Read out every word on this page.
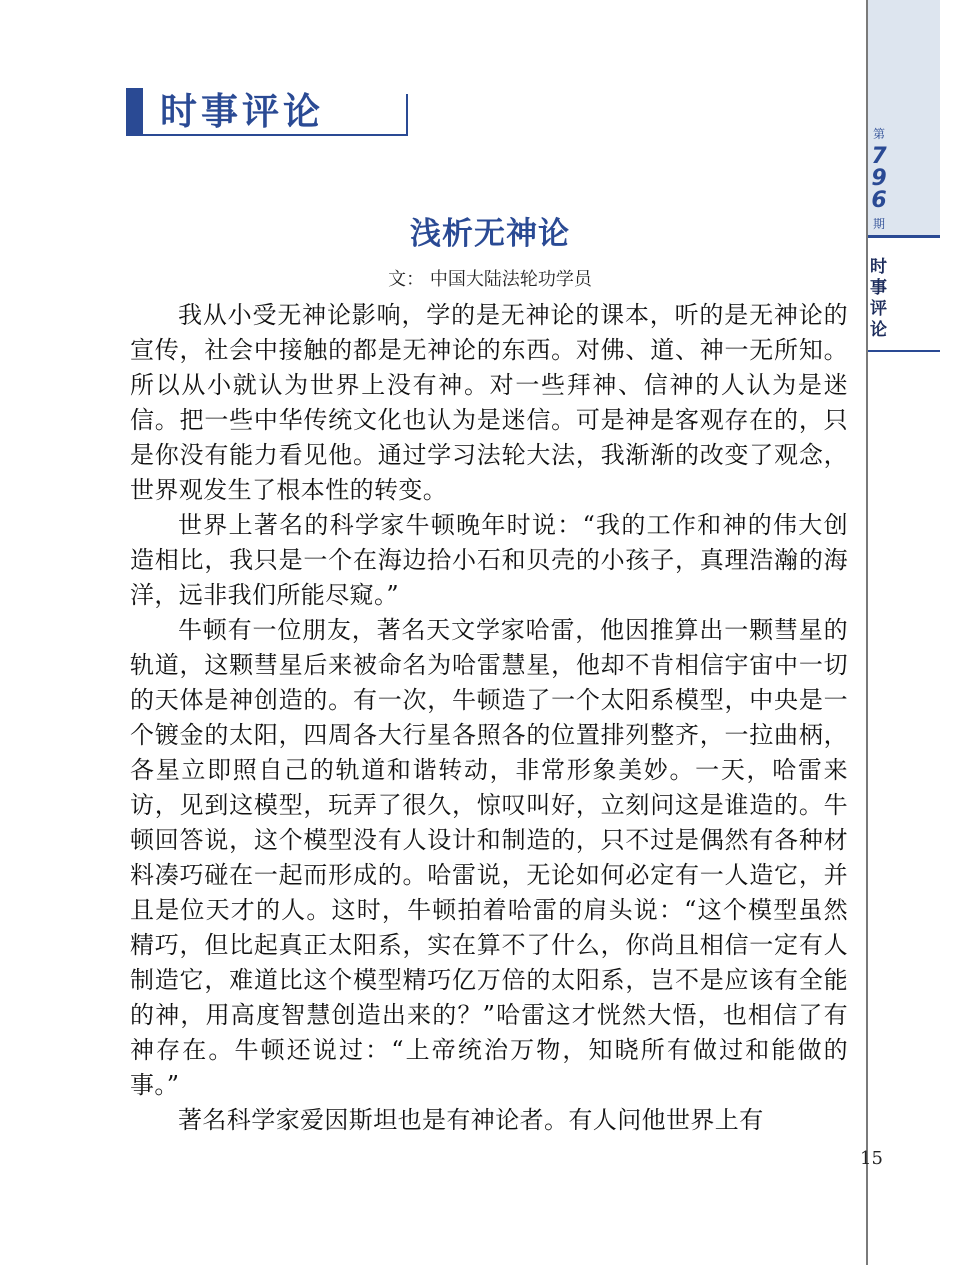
时事评论
第
7
9
6
期
时事评论
浅析无神论
文： 中国大陆法轮功学员

我从小受无神论影响，学的是无神论的课本，听的是无神论的宣传，社会中接触的都是无神论的东西。对佛、道、神一无所知。所以从小就认为世界上没有神。对一些拜神、信神的人认为是迷信。把一些中华传统文化也认为是迷信。可是神是客观存在的，只是你没有能力看见他。通过学习法轮大法，我渐渐的改变了观念，世界观发生了根本性的转变。

世界上著名的科学家牛顿晚年时说：“我的工作和神的伟大创造相比，我只是一个在海边拾小石和贝壳的小孩子，真理浩瀚的海洋，远非我们所能尽窥。”

牛顿有一位朋友，著名天文学家哈雷，他因推算出一颗彗星的轨道，这颗彗星后来被命名为哈雷慧星，他却不肯相信宇宙中一切的天体是神创造的。有一次，牛顿造了一个太阳系模型，中央是一个镀金的太阳，四周各大行星各照各的位置排列整齐，一拉曲柄，各星立即照自己的轨道和谐转动，非常形象美妙。一天，哈雷来访，见到这模型，玩弄了很久，惊叹叫好，立刻问这是谁造的。牛顿回答说，这个模型没有人设计和制造的，只不过是偶然有各种材料凑巧碰在一起而形成的。哈雷说，无论如何必定有一人造它，并且是位天才的人。这时，牛顿拍着哈雷的肩头说：“这个模型虽然精巧，但比起真正太阳系，实在算不了什么，你尚且相信一定有人制造它，难道比这个模型精巧亿万倍的太阳系，岂不是应该有全能的神，用高度智慧创造出来的？”哈雷这才恍然大悟，也相信了有神存在。牛顿还说过：“上帝统治万物，知晓所有做过和能做的事。”

著名科学家爱因斯坦也是有神论者。有人问他世界上有

15
